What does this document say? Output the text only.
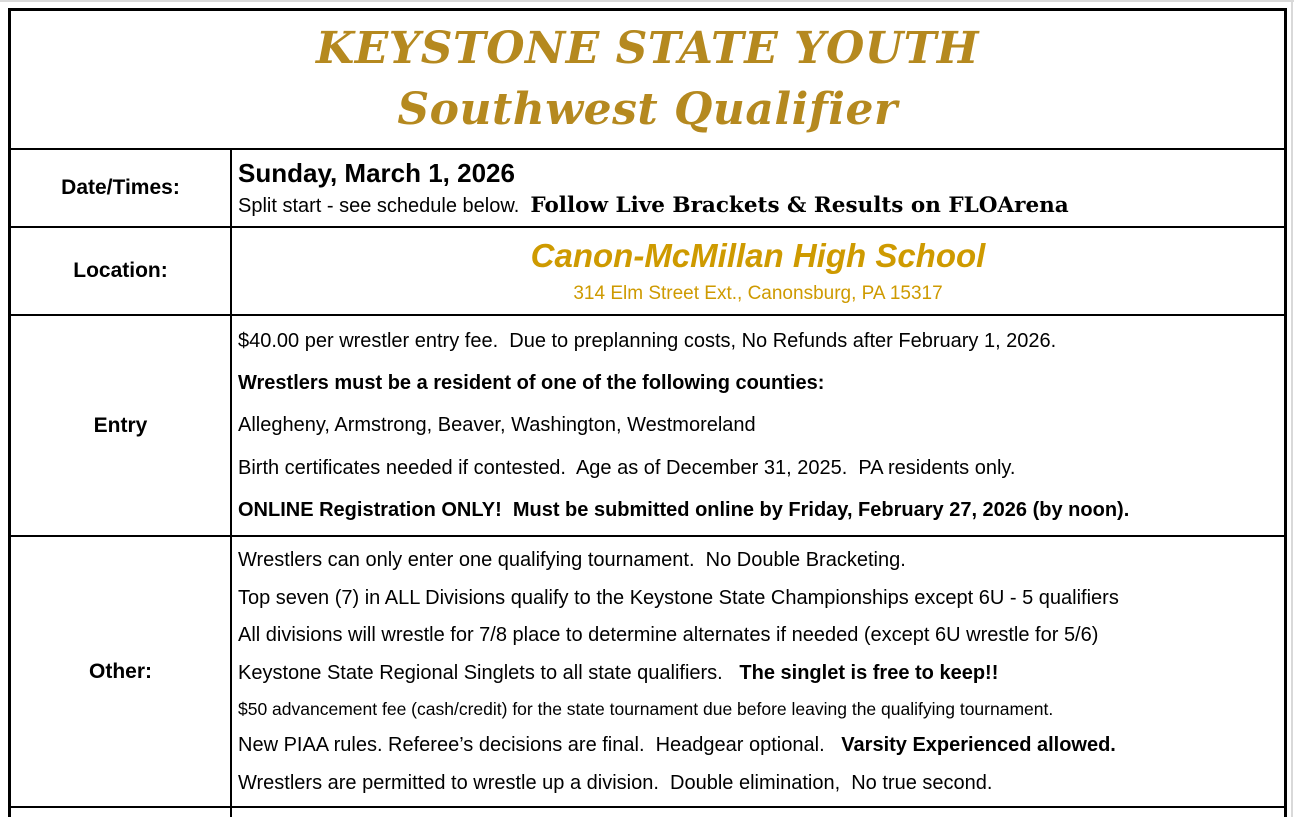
KEYSTONE STATE YOUTH
Southwest Qualifier
Date/Times:	Sunday, March 1, 2026
Split start - see schedule below.  Follow Live Brackets & Results on FLOArena
Location:	Canon-McMillan High School
314 Elm Street Ext., Canonsburg, PA 15317
Entry
$40.00 per wrestler entry fee.  Due to preplanning costs, No Refunds after February 1, 2026.
Wrestlers must be a resident of one of the following counties:
Allegheny, Armstrong, Beaver, Washington, Westmoreland
Birth certificates needed if contested.  Age as of December 31, 2025.  PA residents only.
ONLINE Registration ONLY!  Must be submitted online by Friday, February 27, 2026 (by noon).
Other:
Wrestlers can only enter one qualifying tournament.  No Double Bracketing.
Top seven (7) in ALL Divisions qualify to the Keystone State Championships except 6U - 5 qualifiers
All divisions will wrestle for 7/8 place to determine alternates if needed (except 6U wrestle for 5/6)
Keystone State Regional Singlets to all state qualifiers.   The singlet is free to keep!!
$50 advancement fee (cash/credit) for the state tournament due before leaving the qualifying tournament.
New PIAA rules. Referee’s decisions are final.  Headgear optional.   Varsity Experienced allowed.
Wrestlers are permitted to wrestle up a division.  Double elimination,  No true second.
